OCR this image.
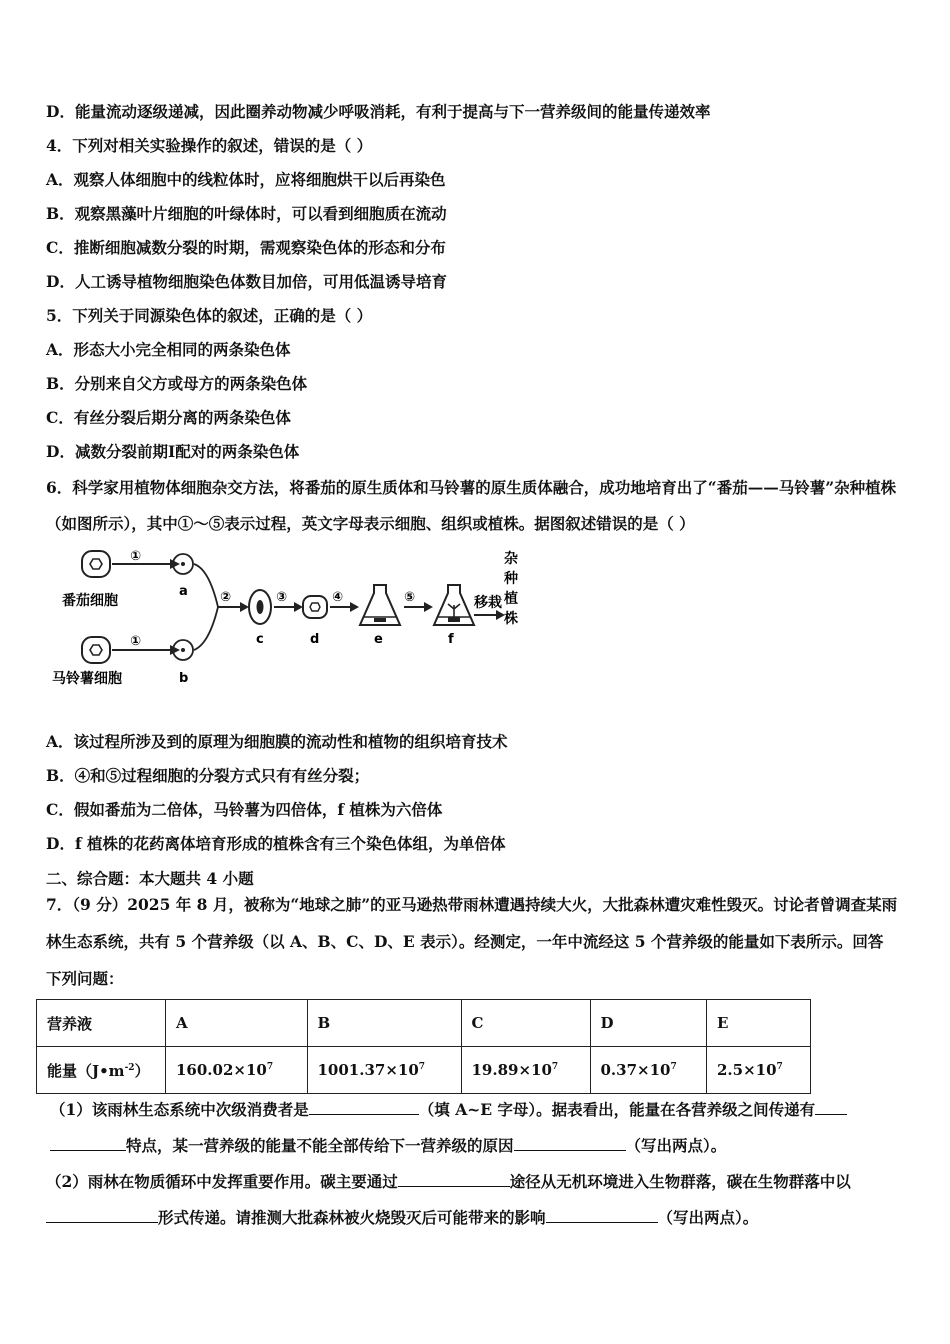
D．能量流动逐级递减，因此圈养动物减少呼吸消耗，有利于提高与下一营养级间的能量传递效率
4．下列对相关实验操作的叙述，错误的是（ ）
A．观察人体细胞中的线粒体时，应将细胞烘干以后再染色
B．观察黑藻叶片细胞的叶绿体时，可以看到细胞质在流动
C．推断细胞减数分裂的时期，需观察染色体的形态和分布
D．人工诱导植物细胞染色体数目加倍，可用低温诱导培育
5．下列关于同源染色体的叙述，正确的是（ ）
A．形态大小完全相同的两条染色体
B．分别来自父方或母方的两条染色体
C．有丝分裂后期分离的两条染色体
D．减数分裂前期Ⅰ配对的两条染色体
6．科学家用植物体细胞杂交方法，将番茄的原生质体和马铃薯的原生质体融合，成功地培育出了“番茄——马铃薯”杂种植株（如图所示），其中①～⑤表示过程，英文字母表示细胞、组织或植株。据图叙述错误的是（ ）
番茄细胞
①
a
马铃薯细胞
①
b
②
c
③
d
④
e
⑤
f
移栽
杂
种
植
株
A．该过程所涉及到的原理为细胞膜的流动性和植物的组织培育技术
B．④和⑤过程细胞的分裂方式只有有丝分裂；
C．假如番茄为二倍体，马铃薯为四倍体，f 植株为六倍体
D．f 植株的花药离体培育形成的植株含有三个染色体组，为单倍体
二、综合题：本大题共 4 小题
7．（9 分）2025 年 8 月，被称为“地球之肺”的亚马逊热带雨林遭遇持续大火，大批森林遭灾难性毁灭。讨论者曾调查某雨林生态系统，共有 5 个营养级（以 A、B、C、D、E 表示）。经测定，一年中流经这 5 个营养级的能量如下表所示。回答下列问题：
营养液	A	B	C	D	E
能量$(J•m^{-2})$	$160.02\times 10^7$	$1001.37\times 10^7$	$19.89\times 10^7$	$0.37\times 10^7$	$2.5\times 10^7$
（1）该雨林生态系统中次级消费者是	（填 A~E 字母）。据表看出，能量在各营养级之间传递有
特点，某一营养级的能量不能全部传给下一营养级的原因	（写出两点）。
（2）雨林在物质循环中发挥重要作用。碳主要通过	途径从无机环境进入生物群落，碳在生物群落中以形式传递。请推测大批森林被火烧毁灭后可能带来的影响	（写出两点）。
